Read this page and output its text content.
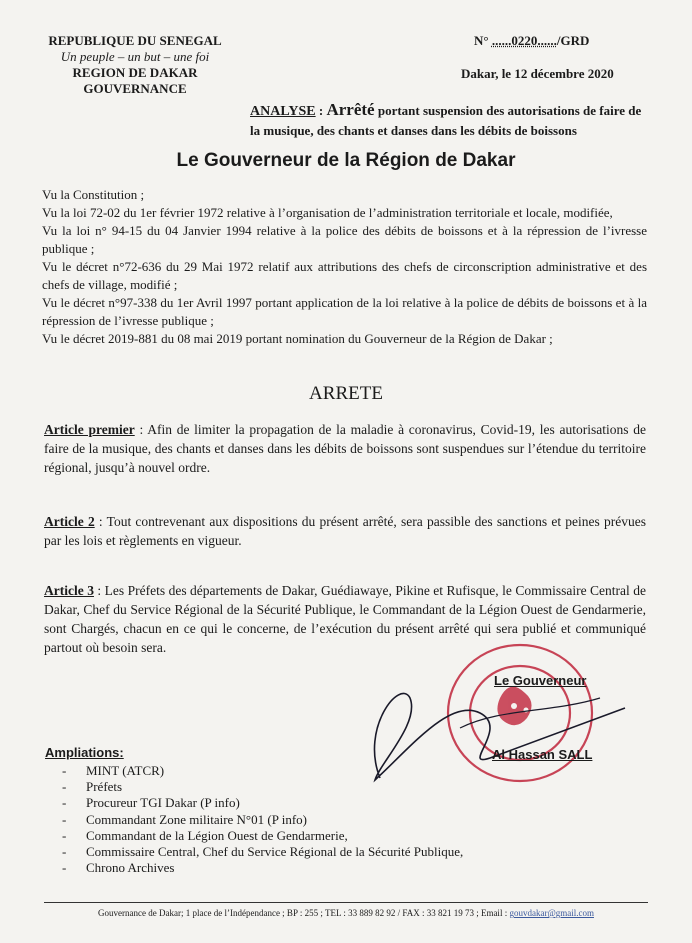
REPUBLIQUE DU SENEGAL
Un peuple – un but – une foi
REGION DE DAKAR
GOUVERNANCE
N° ......0220....../GRD
Dakar, le 12 décembre 2020
ANALYSE : Arrêté portant suspension des autorisations de faire de la musique, des chants et danses dans les débits de boissons
Le Gouverneur de la Région de Dakar

Vu la Constitution ;

Vu la loi 72-02 du 1er février 1972 relative à l’organisation de l’administration territoriale et locale, modifiée,

Vu la loi n° 94-15 du 04 Janvier 1994 relative à la police des débits de boissons et à la répression de l’ivresse publique ;

Vu le décret n°72-636 du 29 Mai 1972 relatif aux attributions des chefs de circonscription administrative et des chefs de village, modifié ;

Vu le décret n°97-338 du 1er Avril 1997 portant application de la loi relative à la police de débits de boissons et à la répression de l’ivresse publique ;

Vu le décret 2019-881 du 08 mai 2019 portant nomination du Gouverneur de la Région de Dakar ;

ARRETE
Article premier : Afin de limiter la propagation de la maladie à coronavirus, Covid-19, les autorisations de faire de la musique, des chants et danses dans les débits de boissons sont suspendues sur l’étendue du territoire régional, jusqu’à nouvel ordre.
Article 2 : Tout contrevenant aux dispositions du présent arrêté, sera passible des sanctions et peines prévues par les lois et règlements en vigueur.
Article 3 : Les Préfets des départements de Dakar, Guédiawaye, Pikine et Rufisque, le Commissaire Central de Dakar, Chef du Service Régional de la Sécurité Publique, le Commandant de la Légion Ouest de Gendarmerie, sont Chargés, chacun en ce qui le concerne, de l’exécution du présent arrêté qui sera publié et communiqué partout où besoin sera.
Le Gouverneur
Al Hassan SALL
Ampliations:
- MINT (ATCR)
- Préfets
- Procureur TGI Dakar (P info)
- Commandant Zone militaire N°01 (P info)
- Commandant de la Légion Ouest de Gendarmerie,
- Commissaire Central, Chef du Service Régional de la Sécurité Publique,
- Chrono Archives
Gouvernance de Dakar; 1 place de l’Indépendance ; BP : 255 ; TEL : 33 889 82 92 / FAX : 33 821 19 73 ; Email : gouvdakar@gmail.com
